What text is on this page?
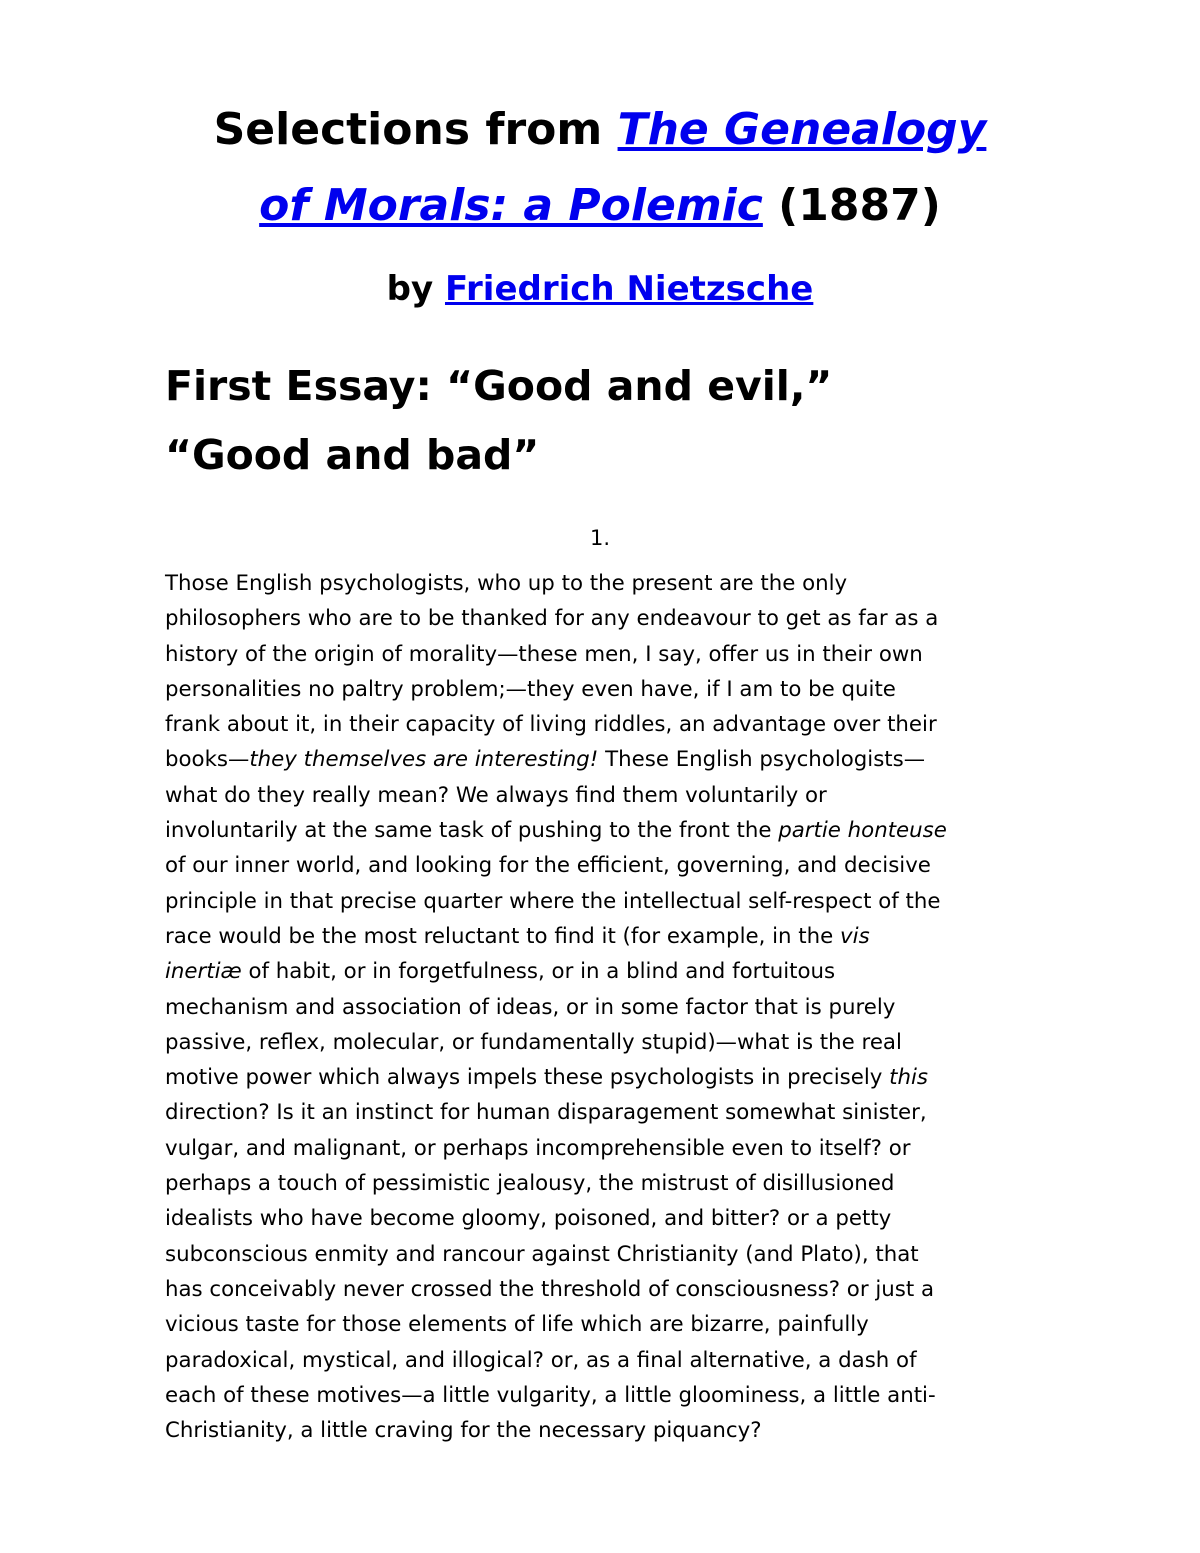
Selections from The Genealogy
of Morals: a Polemic (1887)
by Friedrich Nietzsche
First Essay: “Good and evil,”
“Good and bad”

1.

Those English psychologists, who up to the present are the only
philosophers who are to be thanked for any endeavour to get as far as a
history of the origin of morality—these men, I say, offer us in their own
personalities no paltry problem;—they even have, if I am to be quite
frank about it, in their capacity of living riddles, an advantage over their
books—they themselves are interesting! These English psychologists—
what do they really mean? We always find them voluntarily or
involuntarily at the same task of pushing to the front the partie honteuse
of our inner world, and looking for the efficient, governing, and decisive
principle in that precise quarter where the intellectual self-respect of the
race would be the most reluctant to find it (for example, in the vis
inertiæ of habit, or in forgetfulness, or in a blind and fortuitous
mechanism and association of ideas, or in some factor that is purely
passive, reflex, molecular, or fundamentally stupid)—what is the real
motive power which always impels these psychologists in precisely this
direction? Is it an instinct for human disparagement somewhat sinister,
vulgar, and malignant, or perhaps incomprehensible even to itself? or
perhaps a touch of pessimistic jealousy, the mistrust of disillusioned
idealists who have become gloomy, poisoned, and bitter? or a petty
subconscious enmity and rancour against Christianity (and Plato), that
has conceivably never crossed the threshold of consciousness? or just a
vicious taste for those elements of life which are bizarre, painfully
paradoxical, mystical, and illogical? or, as a final alternative, a dash of
each of these motives—a little vulgarity, a little gloominess, a little anti-
Christianity, a little craving for the necessary piquancy?
